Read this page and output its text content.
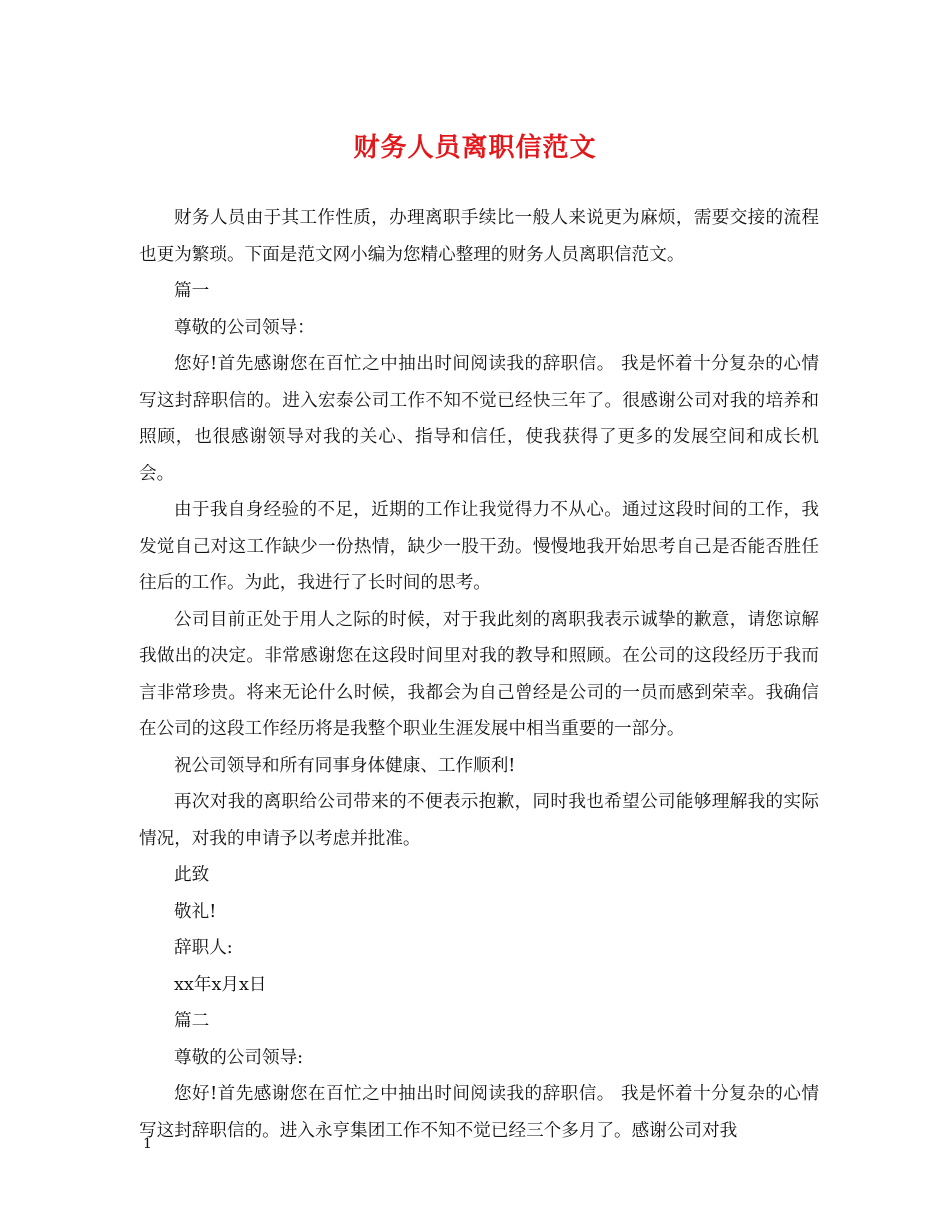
财务人员离职信范文

财务人员由于其工作性质，办理离职手续比一般人来说更为麻烦，需要交接的流程也更为繁琐。下面是范文网小编为您精心整理的财务人员离职信范文。

篇一

尊敬的公司领导：

您好!首先感谢您在百忙之中抽出时间阅读我的辞职信。 我是怀着十分复杂的心情写这封辞职信的。进入宏泰公司工作不知不觉已经快三年了。很感谢公司对我的培养和照顾，也很感谢领导对我的关心、指导和信任，使我获得了更多的发展空间和成长机会。

由于我自身经验的不足，近期的工作让我觉得力不从心。通过这段时间的工作，我发觉自己对这工作缺少一份热情，缺少一股干劲。慢慢地我开始思考自己是否能否胜任往后的工作。为此，我进行了长时间的思考。

公司目前正处于用人之际的时候，对于我此刻的离职我表示诚挚的歉意，请您谅解我做出的决定。非常感谢您在这段时间里对我的教导和照顾。在公司的这段经历于我而言非常珍贵。将来无论什么时候，我都会为自己曾经是公司的一员而感到荣幸。我确信在公司的这段工作经历将是我整个职业生涯发展中相当重要的一部分。

祝公司领导和所有同事身体健康、工作顺利!

再次对我的离职给公司带来的不便表示抱歉，同时我也希望公司能够理解我的实际情况，对我的申请予以考虑并批准。

此致

敬礼!

辞职人:

xx年x月x日

篇二

尊敬的公司领导:

您好!首先感谢您在百忙之中抽出时间阅读我的辞职信。 我是怀着十分复杂的心情写这封辞职信的。进入永亨集团工作不知不觉已经三个多月了。感谢公司对我

1
